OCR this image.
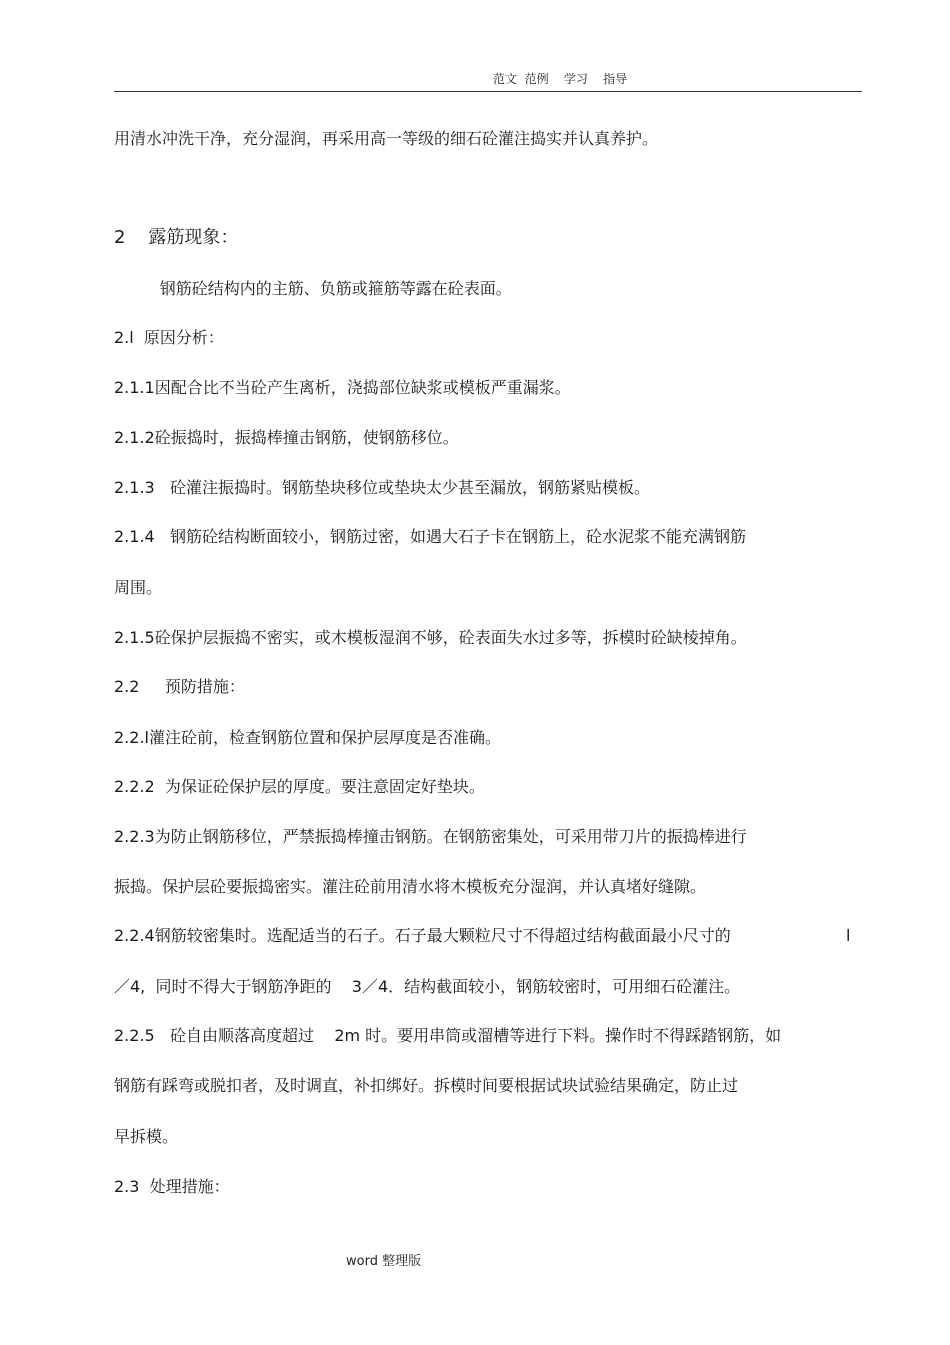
范文  范例    学习    指导
用清水冲洗干净，充分湿润，再采用高一等级的细石砼灌注捣实并认真养护。
2    露筋现象：
钢筋砼结构内的主筋、负筋或箍筋等露在砼表面。
2.l  原因分析：
2.1.1因配合比不当砼产生离析，浇捣部位缺浆或模板严重漏浆。
2.1.2砼振捣时，振捣棒撞击钢筋，使钢筋移位。
2.1.3   砼灌注振捣时。钢筋垫块移位或垫块太少甚至漏放，钢筋紧贴模板。
2.1.4   钢筋砼结构断面较小，钢筋过密，如遇大石子卡在钢筋上，砼水泥浆不能充满钢筋
周围。
2.1.5砼保护层振捣不密实，或木模板湿润不够，砼表面失水过多等，拆模时砼缺棱掉角。
2.2     预防措施：
2.2.l灌注砼前，检查钢筋位置和保护层厚度是否准确。
2.2.2  为保证砼保护层的厚度。要注意固定好垫块。
2.2.3为防止钢筋移位，严禁振捣棒撞击钢筋。在钢筋密集处，可采用带刀片的振捣棒进行
振捣。保护层砼要振捣密实。灌注砼前用清水将木模板充分湿润，并认真堵好缝隙。
2.2.4钢筋较密集时。选配适当的石子。石子最大颗粒尺寸不得超过结构截面最小尺寸的	l
／4,  同时不得大于钢筋净距的    3／4．结构截面较小，钢筋较密时，可用细石砼灌注。
2.2.5   砼自由顺落高度超过    2m 时。要用串筒或溜槽等进行下料。操作时不得踩踏钢筋，如
钢筋有踩弯或脱扣者，及时调直，补扣绑好。拆模时间要根据试块试验结果确定，防止过
早拆模。
2.3  处理措施：
word 整理版
